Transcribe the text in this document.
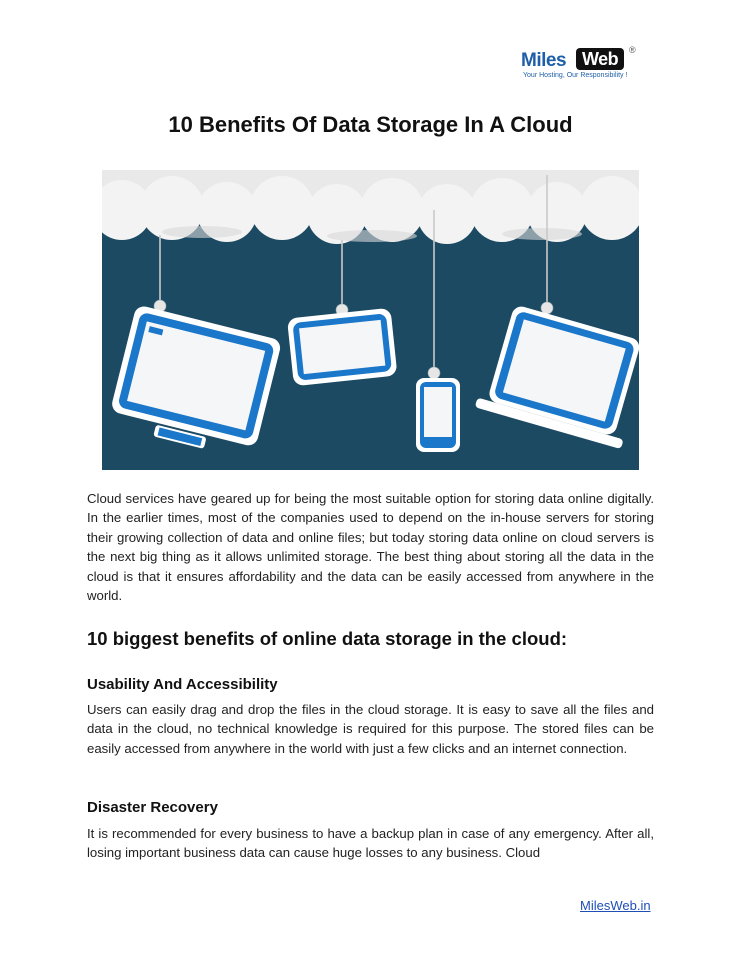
Miles Web	®
Your Hosting, Our Responsibility !
10 Benefits Of Data Storage In A Cloud

Cloud services have geared up for being the most suitable option for storing data online digitally. In the earlier times, most of the companies used to depend on the in-house servers for storing their growing collection of data and online files; but today storing data online on cloud servers is the next big thing as it allows unlimited storage. The best thing about storing all the data in the cloud is that it ensures affordability and the data can be easily accessed from anywhere in the world.

10 biggest benefits of online data storage in the cloud:
Usability And Accessibility

Users can easily drag and drop the files in the cloud storage. It is easy to save all the files and data in the cloud, no technical knowledge is required for this purpose. The stored files can be easily accessed from anywhere in the world with just a few clicks and an internet connection.

Disaster Recovery

It is recommended for every business to have a backup plan in case of any emergency. After all, losing important business data can cause huge losses to any business. Cloud

MilesWeb.in
